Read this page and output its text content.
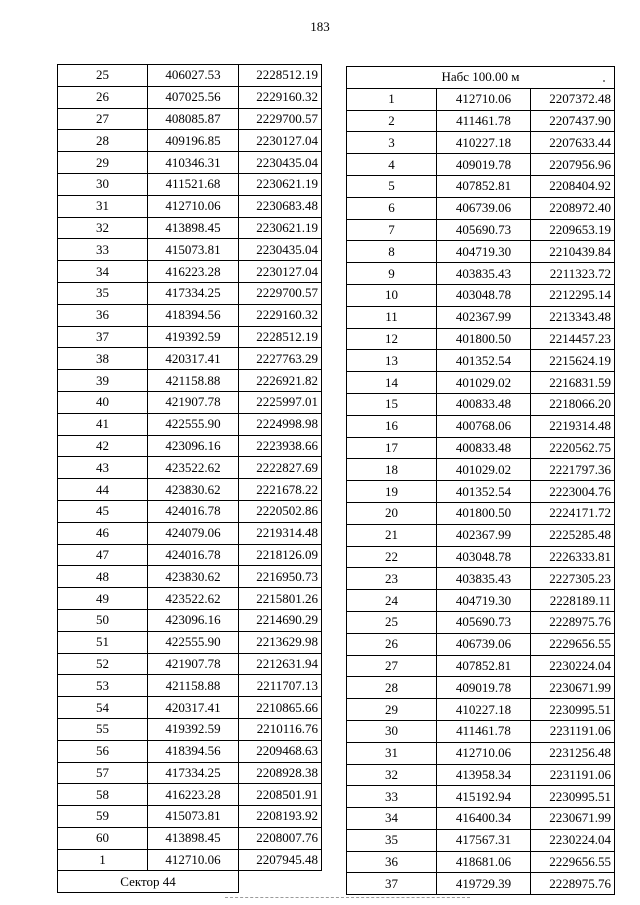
183
25	406027.53	2228512.19
26	407025.56	2229160.32
27	408085.87	2229700.57
28	409196.85	2230127.04
29	410346.31	2230435.04
30	411521.68	2230621.19
31	412710.06	2230683.48
32	413898.45	2230621.19
33	415073.81	2230435.04
34	416223.28	2230127.04
35	417334.25	2229700.57
36	418394.56	2229160.32
37	419392.59	2228512.19
38	420317.41	2227763.29
39	421158.88	2226921.82
40	421907.78	2225997.01
41	422555.90	2224998.98
42	423096.16	2223938.66
43	423522.62	2222827.69
44	423830.62	2221678.22
45	424016.78	2220502.86
46	424079.06	2219314.48
47	424016.78	2218126.09
48	423830.62	2216950.73
49	423522.62	2215801.26
50	423096.16	2214690.29
51	422555.90	2213629.98
52	421907.78	2212631.94
53	421158.88	2211707.13
54	420317.41	2210865.66
55	419392.59	2210116.76
56	418394.56	2209468.63
57	417334.25	2208928.38
58	416223.28	2208501.91
59	415073.81	2208193.92
60	413898.45	2208007.76
1	412710.06	2207945.48
Сектор 44		
Набс 100.00 м		
1	412710.06	2207372.48
2	411461.78	2207437.90
3	410227.18	2207633.44
4	409019.78	2207956.96
5	407852.81	2208404.92
6	406739.06	2208972.40
7	405690.73	2209653.19
8	404719.30	2210439.84
9	403835.43	2211323.72
10	403048.78	2212295.14
11	402367.99	2213343.48
12	401800.50	2214457.23
13	401352.54	2215624.19
14	401029.02	2216831.59
15	400833.48	2218066.20
16	400768.06	2219314.48
17	400833.48	2220562.75
18	401029.02	2221797.36
19	401352.54	2223004.76
20	401800.50	2224171.72
21	402367.99	2225285.48
22	403048.78	2226333.81
23	403835.43	2227305.23
24	404719.30	2228189.11
25	405690.73	2228975.76
26	406739.06	2229656.55
27	407852.81	2230224.04
28	409019.78	2230671.99
29	410227.18	2230995.51
30	411461.78	2231191.06
31	412710.06	2231256.48
32	413958.34	2231191.06
33	415192.94	2230995.51
34	416400.34	2230671.99
35	417567.31	2230224.04
36	418681.06	2229656.55
37	419729.39	2228975.76
